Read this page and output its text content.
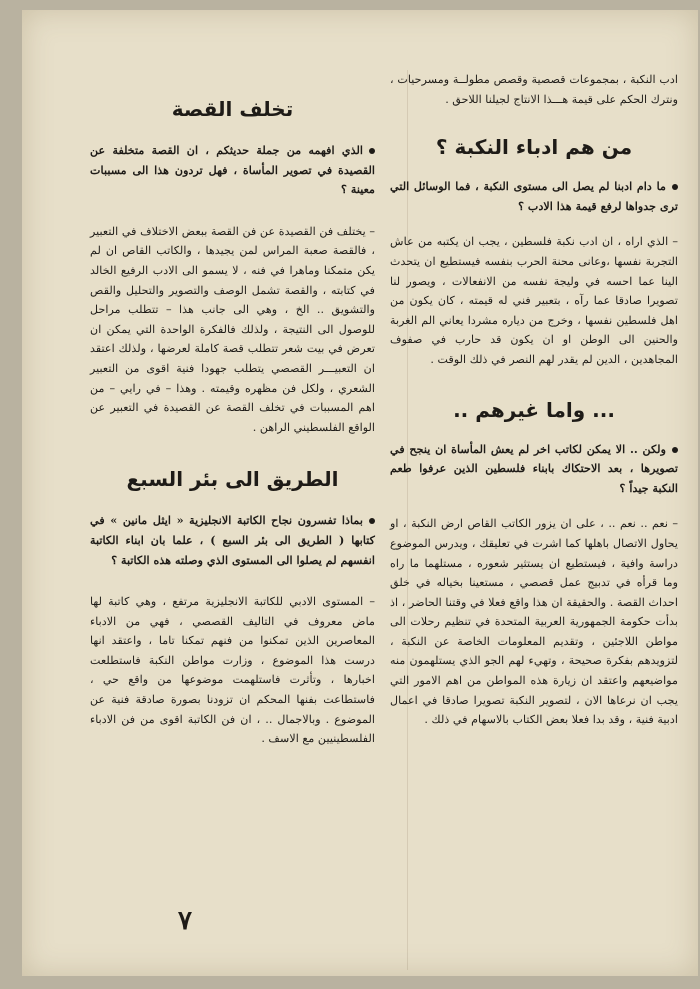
ادب النكبة ، بمجموعات قصصية وقصص مطولــة ومسرحيات ، ونترك الحكم على قيمة هـــذا الانتاج لجيلنا اللاحق .

من هم ادباء النكبة ؟

ما دام ادبنا لم يصل الى مستوى النكبة ، فما الوسائل التي ترى جدواها لرفع قيمة هذا الادب ؟

– الذي اراه ، ان ادب نكبة فلسطين ، يجب ان يكتبه من عاش التجربة نفسها ،وعانى محنة الحرب بنفسه فيستطيع ان يتحدث الينا عما احسه في وليجة نفسه من الانفعالات ، ويصور لنا تصويرا صادقا عما رآه ، بتعبير فني له قيمته ، كان يكون من اهل فلسطين نفسها ، وخرج من دياره مشردا يعاني الم الغربة والحنين الى الوطن او ان يكون قد حارب في صفوف المجاهدين ، الدين لم يقدر لهم النصر في ذلك الوقت .

... واما غيرهم ..

ولكن .. الا يمكن لكاتب اخر لم يعش المأساة ان ينجح في تصويرها ، بعد الاحتكاك بابناء فلسطين الذين عرفوا طعم النكبة جيداً ؟

– نعم .. نعم .. ، على ان يزور الكاتب القاص ارض النكبة ، او يحاول الاتصال باهلها كما اشرت في تعليقك ، ويدرس الموضوع دراسة وافية ، فيستطيع ان يستثير شعوره ، مستلهما ما راه وما قرأه في تدبيج عمل قصصي ، مستعينا بخياله في خلق احداث القصة . والحقيقة ان هذا واقع فعلا في وقتنا الحاضر ، اذ بدأت حكومة الجمهورية العربية المتحدة في تنظيم رحلات الى مواطن اللاجئين ، وتقديم المعلومات الخاصة عن النكبة ، لتزويدهم بفكرة صحيحة ، وتهيء لهم الجو الذي يستلهمون منه مواضيعهم واعتقد ان زيارة هذه المواطن من اهم الامور التي يجب ان نرعاها الان ، لتصوير النكبة تصويرا صادقا في اعمال ادبية فنية ، وقد بدا فعلا بعض الكتاب بالاسهام في ذلك .

تخلف القصة

الذي افهمه من جملة حديثكم ، ان القصة متخلفة عن القصيدة في تصوير المأساة ، فهل تردون هذا الى مسببات معينة ؟

– يختلف فن القصيدة عن فن القصة ببعض الاختلاف في التعبير ، فالقصة صعبة المراس لمن يجيدها ، والكاتب القاص ان لم يكن متمكنا وماهرا في فنه ، لا يسمو الى الادب الرفيع الخالد في كتابته ، والقصة تشمل الوصف والتصوير والتحليل والقص والتشويق .. الخ ، وهي الى جانب هذا – تتطلب مراحل للوصول الى النتيجة ، ولذلك فالفكرة الواحدة التي يمكن ان تعرض في بيت شعر تتطلب قصة كاملة لعرضها ، ولذلك اعتقد ان التعبيـــر القصصي يتطلب جهودا فنية اقوى من التعبير الشعري ، ولكل فن مظهره وقيمته . وهذا – في رايي – من اهم المسببات في تخلف القصة عن القصيدة في التعبير عن الواقع الفلسطيني الراهن .

الطريق الى بئر السبع

بماذا تفسرون نجاح الكاتبة الانجليزية « ايثل مانين » في كتابها ( الطريق الى بئر السبع ) ، علما بان ابناء الكاتبة انفسهم لم يصلوا الى المستوى الذي وصلته هذه الكاتبة ؟

– المستوى الادبي للكاتبة الانجليزية مرتفع ، وهي كاتبة لها ماض معروف في التاليف القصصي ، فهي من الادباء المعاصرين الذين تمكنوا من فنهم تمكنا تاما ، واعتقد انها درست هذا الموضوع ، وزارت مواطن النكبة فاستطلعت اخبارها ، وتأثرت فاستلهمت موضوعها من واقع حي ، فاستطاعت بفنها المحكم ان تزودنا بصورة صادقة فنية عن الموضوع . وبالاجمال .. ، ان فن الكاتبة اقوى من فن الادباء الفلسطينيين مع الاسف .

٧
